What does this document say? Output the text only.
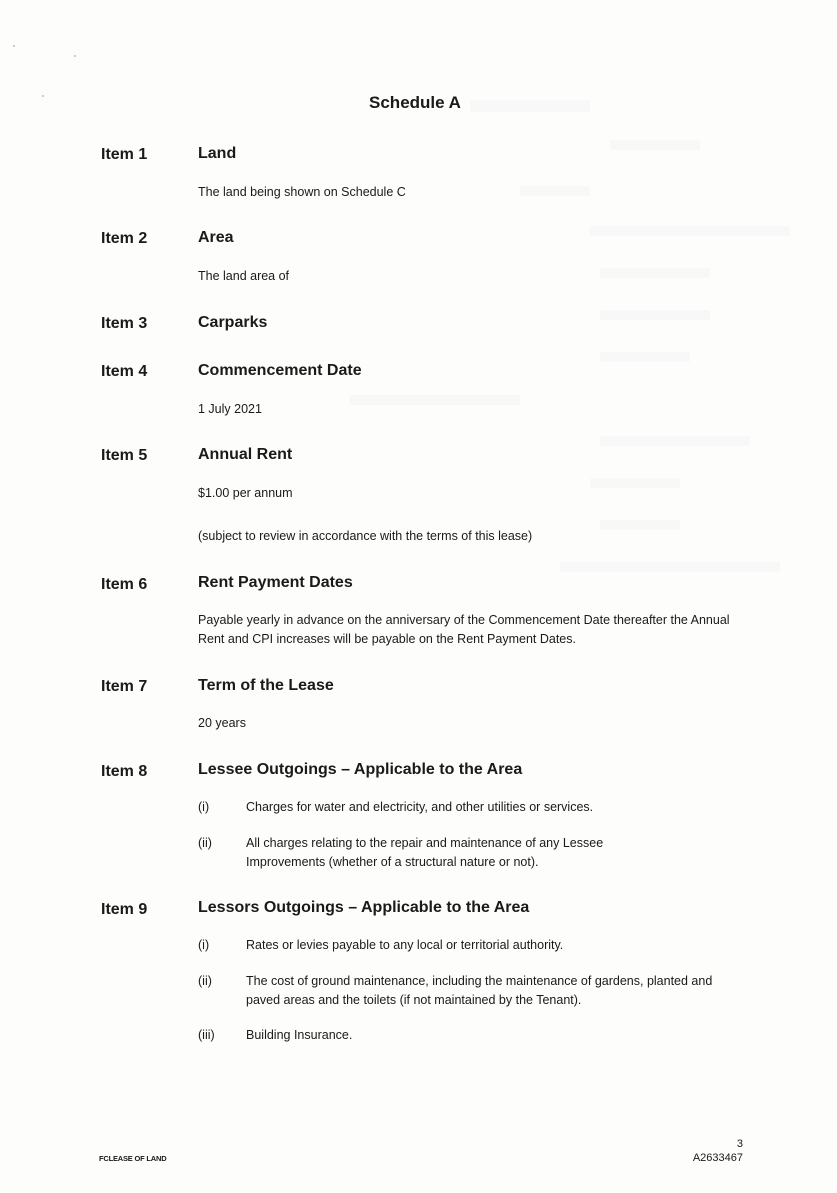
Schedule A
Item 1	Land
The land being shown on Schedule C
Item 2	Area
The land area of
Item 3	Carparks
Item 4	Commencement Date
1 July 2021
Item 5	Annual Rent
$1.00 per annum
(subject to review in accordance with the terms of this lease)
Item 6	Rent Payment Dates
Payable yearly in advance on the anniversary of the Commencement Date thereafter the Annual Rent and CPI increases will be payable on the Rent Payment Dates.
Item 7	Term of the Lease
20 years
Item 8	Lessee Outgoings – Applicable to the Area
(i)	Charges for water and electricity, and other utilities or services.
(ii)	All charges relating to the repair and maintenance of any Lessee Improvements (whether of a structural nature or not).
Item 9	Lessors Outgoings – Applicable to the Area
(i)	Rates or levies payable to any local or territorial authority.
(ii)	The cost of ground maintenance, including the maintenance of gardens, planted and paved areas and the toilets (if not maintained by the Tenant).
(iii)	Building Insurance.
FCLEASE OF LAND
3
A2633467
